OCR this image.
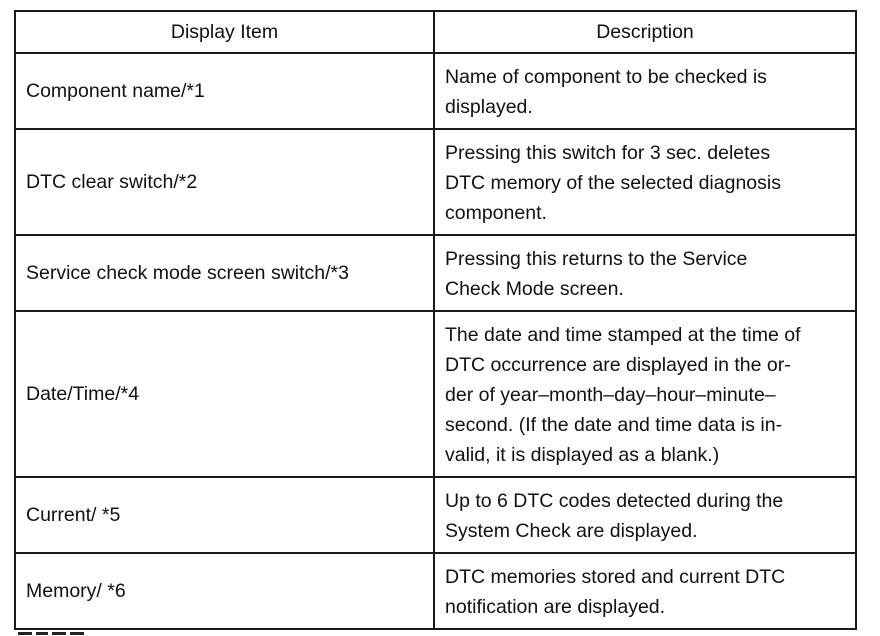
Display Item	Description
Component name/*1	Name of component to be checked is
displayed.

DTC clear switch/*2	Pressing this switch for 3 sec. deletes
DTC memory of the selected diagnosis
component.

Service check mode screen switch/*3	Pressing this returns to the Service
Check Mode screen.

Date/Time/*4	The date and time stamped at the time of
DTC occurrence are displayed in the or-
der of year–month–day–hour–minute–
second. (If the date and time data is in-
valid, it is displayed as a blank.)

Current/ *5	Up to 6 DTC codes detected during the
System Check are displayed.

Memory/ *6	DTC memories stored and current DTC
notification are displayed.
